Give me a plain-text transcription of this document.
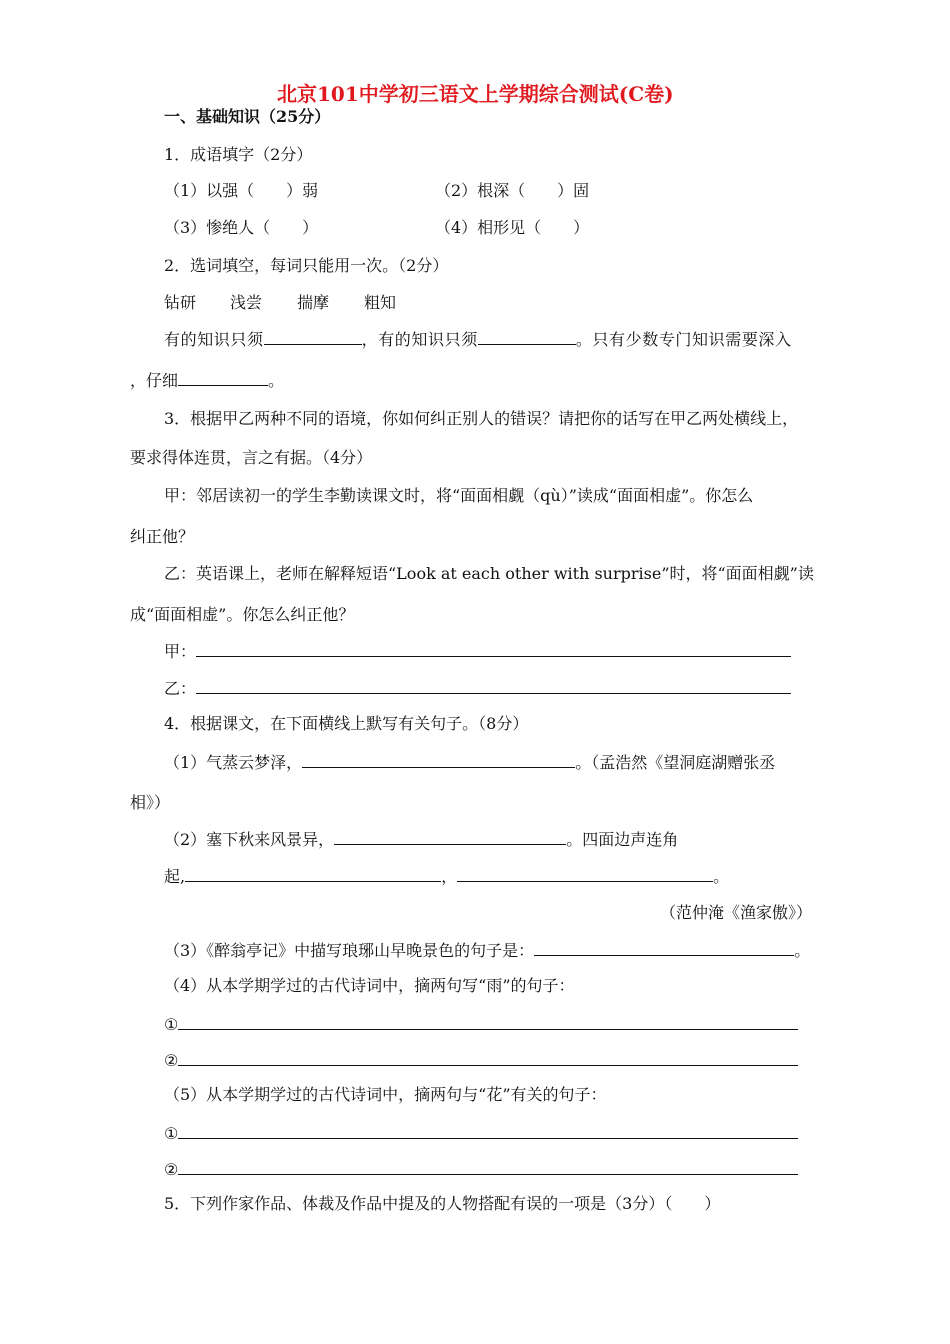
北京101中学初三语文上学期综合测试(C卷)
一、基础知识（25分）
1．成语填字（2分）
（1）以强（　　）弱	（2）根深（　　）固
（3）惨绝人（　　）	（4）相形见（　　）
2．选词填空，每词只能用一次。（2分）
钻研 浅尝 揣摩 粗知
有的知识只须	，有的知识只须	。只有少数专门知识需要深入
，仔细	。
3．根据甲乙两种不同的语境，你如何纠正别人的错误？请把你的话写在甲乙两处横线上，
要求得体连贯，言之有据。（4分）
甲：邻居读初一的学生李勤读课文时，将“面面相觑（qù）”读成“面面相虚”。你怎么
纠正他？
乙：英语课上，老师在解释短语“Look at each other with surprise”时，将“面面相觑”读
成“面面相虚”。你怎么纠正他？
甲：
乙：
4．根据课文，在下面横线上默写有关句子。（8分）
（1）气蒸云梦泽，	。（孟浩然《望洞庭湖赠张丞
相》）
（2）塞下秋来风景异，	。四面边声连角
起,	，	。
（范仲淹《渔家傲》）
（3）《醉翁亭记》中描写琅琊山早晚景色的句子是：	。
（4）从本学期学过的古代诗词中，摘两句写“雨”的句子：
①
②
（5）从本学期学过的古代诗词中，摘两句与“花”有关的句子：
①
②
5．下列作家作品、体裁及作品中提及的人物搭配有误的一项是（3分）（　　）
